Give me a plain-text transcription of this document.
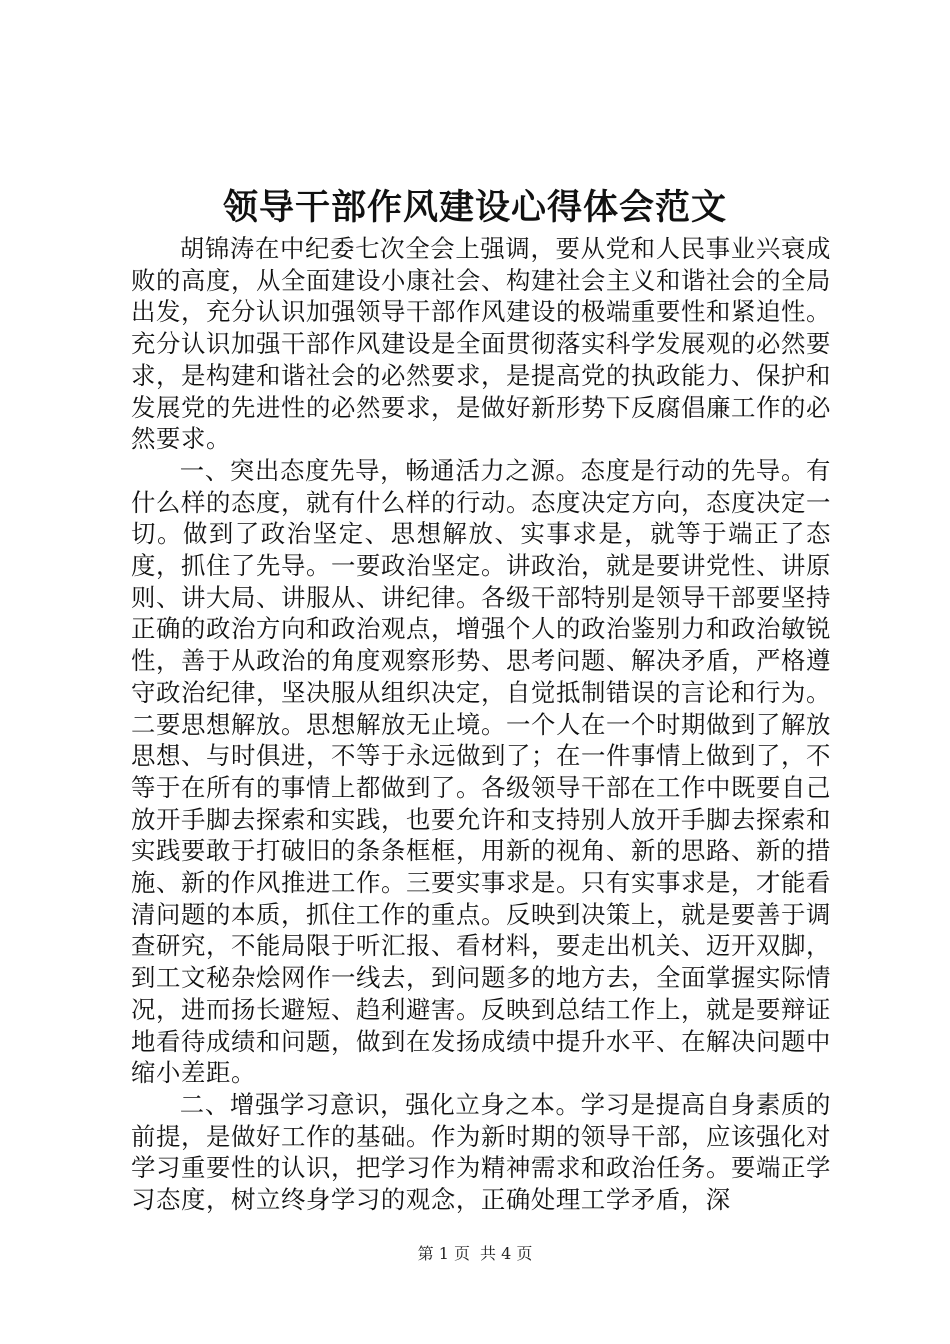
领导干部作风建设心得体会范文

胡锦涛在中纪委七次全会上强调，要从党和人民事业兴衰成败的高度，从全面建设小康社会、构建社会主义和谐社会的全局出发，充分认识加强领导干部作风建设的极端重要性和紧迫性。充分认识加强干部作风建设是全面贯彻落实科学发展观的必然要求，是构建和谐社会的必然要求，是提高党的执政能力、保护和发展党的先进性的必然要求，是做好新形势下反腐倡廉工作的必然要求。

一、突出态度先导，畅通活力之源。态度是行动的先导。有什么样的态度，就有什么样的行动。态度决定方向，态度决定一切。做到了政治坚定、思想解放、实事求是，就等于端正了态度，抓住了先导。一要政治坚定。讲政治，就是要讲党性、讲原则、讲大局、讲服从、讲纪律。各级干部特别是领导干部要坚持正确的政治方向和政治观点，增强个人的政治鉴别力和政治敏锐性，善于从政治的角度观察形势、思考问题、解决矛盾，严格遵守政治纪律，坚决服从组织决定，自觉抵制错误的言论和行为。二要思想解放。思想解放无止境。一个人在一个时期做到了解放思想、与时俱进，不等于永远做到了；在一件事情上做到了，不等于在所有的事情上都做到了。各级领导干部在工作中既要自己放开手脚去探索和实践，也要允许和支持别人放开手脚去探索和实践要敢于打破旧的条条框框，用新的视角、新的思路、新的措施、新的作风推进工作。三要实事求是。只有实事求是，才能看清问题的本质，抓住工作的重点。反映到决策上，就是要善于调查研究，不能局限于听汇报、看材料，要走出机关、迈开双脚，到工文秘杂烩网作一线去，到问题多的地方去，全面掌握实际情况，进而扬长避短、趋利避害。反映到总结工作上，就是要辩证地看待成绩和问题，做到在发扬成绩中提升水平、在解决问题中缩小差距。

二、增强学习意识，强化立身之本。学习是提高自身素质的前提，是做好工作的基础。作为新时期的领导干部，应该强化对学习重要性的认识，把学习作为精神需求和政治任务。要端正学习态度，树立终身学习的观念，正确处理工学矛盾，深

第 1 页 共 4 页
